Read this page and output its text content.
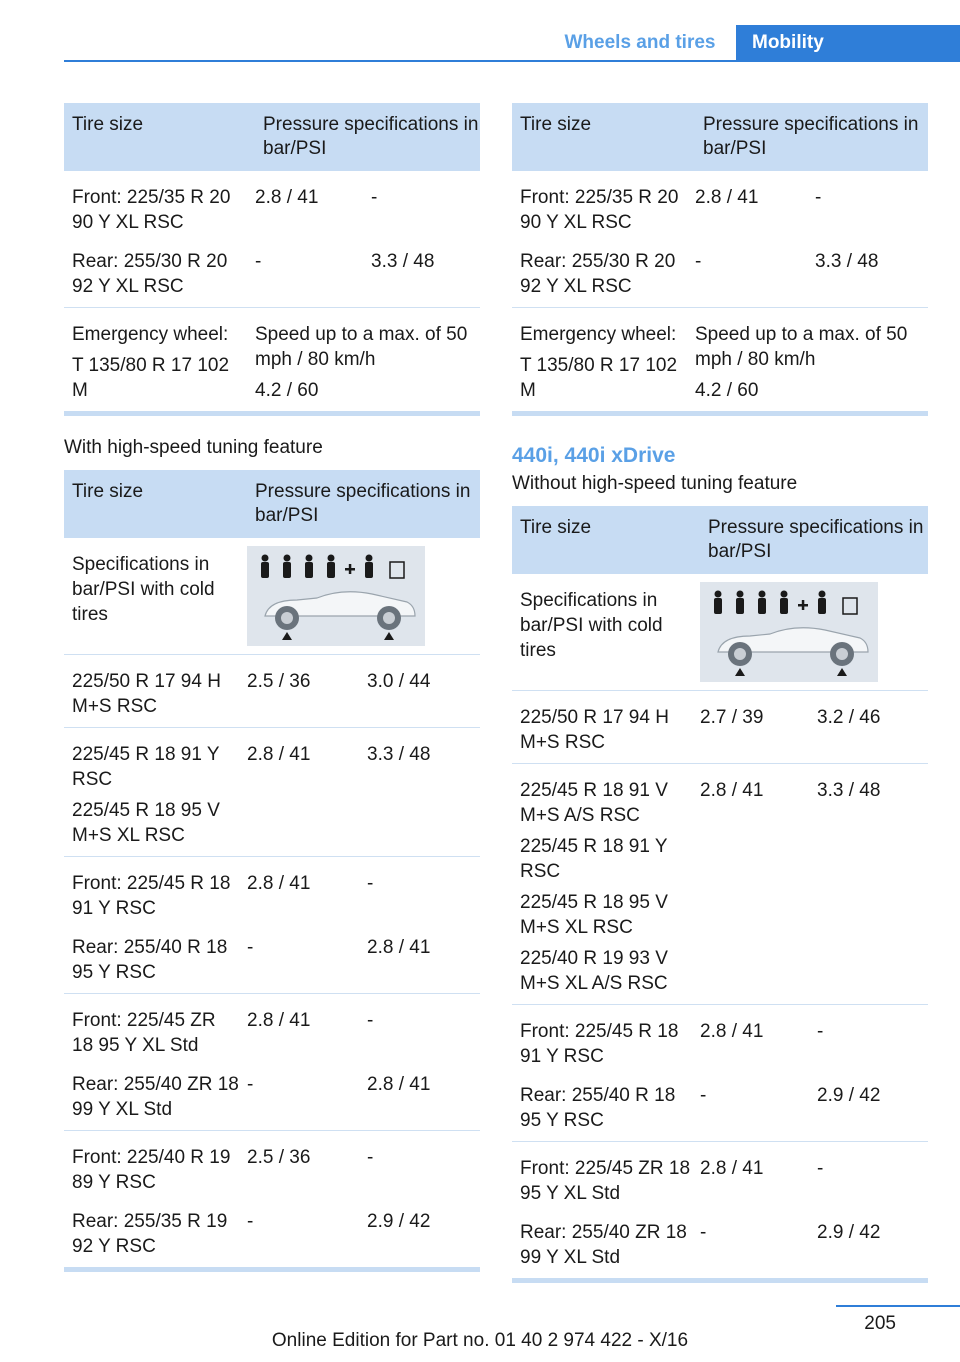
Wheels and tires	Mobility
Tire size	Pressure specifications in bar/PSI
Front: 225/35 R 20 90 Y XL RSC
2.8 / 41	-
Rear: 255/30 R 20 92 Y XL RSC
-	3.3 / 48

Emergency wheel:

T 135/80 R 17 102 M

Speed up to a max. of 50 mph / 80 km/h

4.2 / 60

With high-speed tuning feature
Tire size	Pressure specifications in bar/PSI
Specifications in bar/PSI with cold tires

225/50 R 17 94 H M+S RSC

2.5 / 36	3.0 / 44

225/45 R 18 91 Y RSC

225/45 R 18 95 V M+S XL RSC

2.8 / 41	3.3 / 48

Front: 225/45 R 18 91 Y RSC

2.8 / 41	-

Rear: 255/40 R 18 95 Y RSC

-	2.8 / 41

Front: 225/45 ZR 18 95 Y XL Std

2.8 / 41	-

Rear: 255/40 ZR 18 99 Y XL Std

-	2.8 / 41

Front: 225/40 R 19 89 Y RSC

2.5 / 36	-

Rear: 255/35 R 19 92 Y RSC

-	2.9 / 42
Tire size	Pressure specifications in bar/PSI
Front: 225/35 R 20 90 Y XL RSC
2.8 / 41	-
Rear: 255/30 R 20 92 Y XL RSC
-	3.3 / 48

Emergency wheel:

T 135/80 R 17 102 M

Speed up to a max. of 50 mph / 80 km/h

4.2 / 60

440i, 440i xDrive
Without high-speed tuning feature
Tire size	Pressure specifications in bar/PSI
Specifications in bar/PSI with cold tires

225/50 R 17 94 H M+S RSC

2.7 / 39	3.2 / 46

225/45 R 18 91 V M+S A/S RSC

225/45 R 18 91 Y RSC

225/45 R 18 95 V M+S XL RSC

225/40 R 19 93 V M+S XL A/S RSC

2.8 / 41	3.3 / 48

Front: 225/45 R 18 91 Y RSC

2.8 / 41	-

Rear: 255/40 R 18 95 Y RSC

-	2.9 / 42

Front: 225/45 ZR 18 95 Y XL Std

2.8 / 41	-

Rear: 255/40 ZR 18 99 Y XL Std

-	2.9 / 42
205
Online Edition for Part no. 01 40 2 974 422 - X/16
